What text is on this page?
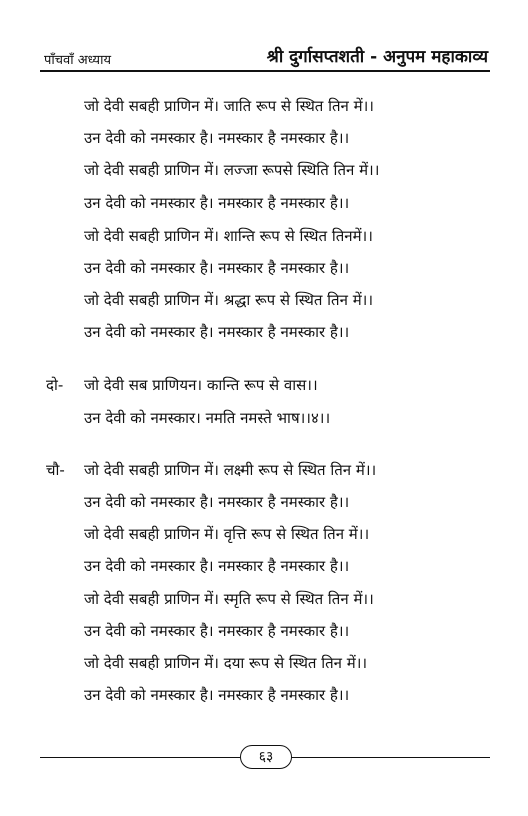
पाँचवाँ अध्याय	श्री दुर्गासप्तशती - अनुपम महाकाव्य
जो देवी सबही प्राणिन में। जाति रूप से स्थित तिन में।।
उन देवी को नमस्कार है। नमस्कार है नमस्कार है।।
जो देवी सबही प्राणिन में। लज्जा रूपसे स्थिति तिन में।।
उन देवी को नमस्कार है। नमस्कार है नमस्कार है।।
जो देवी सबही प्राणिन में। शान्ति रूप से स्थित तिनमें।।
उन देवी को नमस्कार है। नमस्कार है नमस्कार है।।
जो देवी सबही प्राणिन में। श्रद्धा रूप से स्थित तिन में।।
उन देवी को नमस्कार है। नमस्कार है नमस्कार है।।
दो- जो देवी सब प्राणियन। कान्ति रूप से वास।।
उन देवी को नमस्कार। नमति नमस्ते भाष।।४।।
चौ- जो देवी सबही प्राणिन में। लक्ष्मी रूप से स्थित तिन में।।
उन देवी को नमस्कार है। नमस्कार है नमस्कार है।।
जो देवी सबही प्राणिन में। वृत्ति रूप से स्थित तिन में।।
उन देवी को नमस्कार है। नमस्कार है नमस्कार है।।
जो देवी सबही प्राणिन में। स्मृति रूप से स्थित तिन में।।
उन देवी को नमस्कार है। नमस्कार है नमस्कार है।।
जो देवी सबही प्राणिन में। दया रूप से स्थित तिन में।।
उन देवी को नमस्कार है। नमस्कार है नमस्कार है।।
६३
